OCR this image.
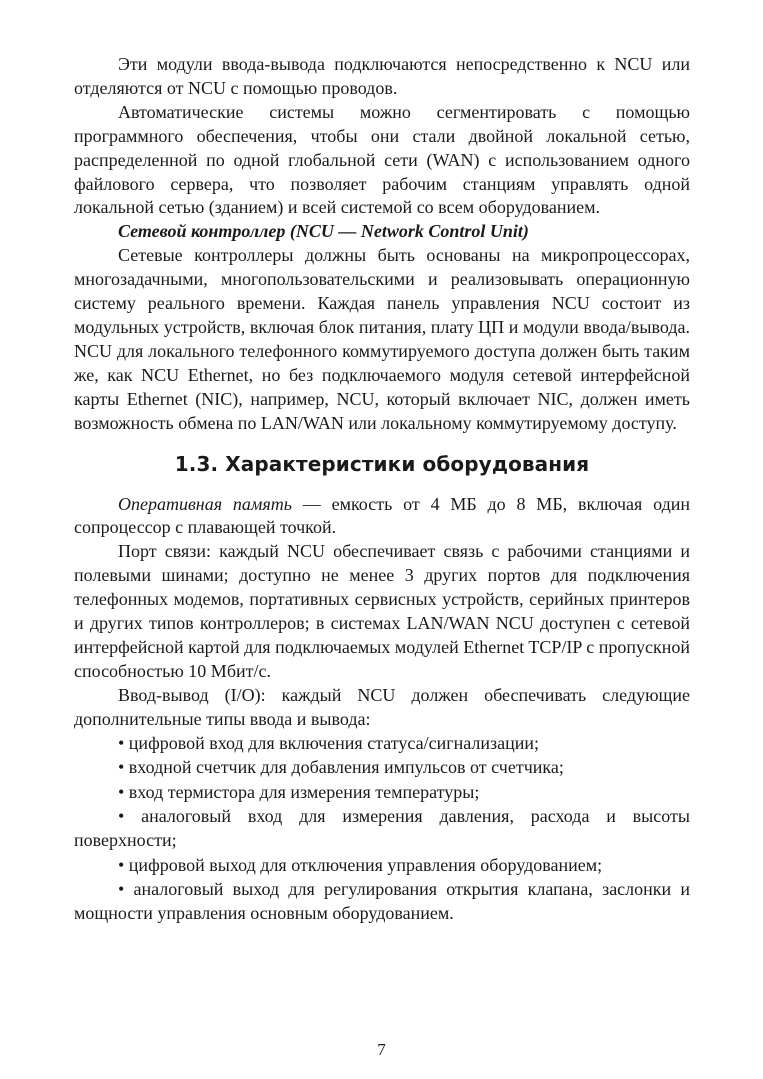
Эти модули ввода-вывода подключаются непосредственно к NCU или отделяются от NCU с помощью проводов.

Автоматические системы можно сегментировать с помощью программного обеспечения, чтобы они стали двойной локальной сетью, распределенной по одной глобальной сети (WAN) с использованием одного файлового сервера, что позволяет рабочим станциям управлять одной локальной сетью (зданием) и всей системой со всем оборудованием.

Сетевой контроллер (NCU — Network Control Unit)

Сетевые контроллеры должны быть основаны на микропроцессорах, многозадачными, многопользовательскими и реализовывать операционную систему реального времени. Каждая панель управления NCU состоит из модульных устройств, включая блок питания, плату ЦП и модули ввода/вывода. NCU для локального телефонного коммутируемого доступа должен быть таким же, как NCU Ethernet, но без подключаемого модуля сетевой интерфейсной карты Ethernet (NIC), например, NCU, который включает NIC, должен иметь возможность обмена по LAN/WAN или локальному коммутируемому доступу.

1.3. Характеристики оборудования

Оперативная память — емкость от 4 МБ до 8 МБ, включая один сопроцессор с плавающей точкой.

Порт связи: каждый NCU обеспечивает связь с рабочими станциями и полевыми шинами; доступно не менее 3 других портов для подключения телефонных модемов, портативных сервисных устройств, серийных принтеров и других типов контроллеров; в системах LAN/WAN NCU доступен с сетевой интерфейсной картой для подключаемых модулей Ethernet TCP/IP с пропускной способностью 10 Мбит/с.

Ввод-вывод (I/O): каждый NCU должен обеспечивать следующие дополнительные типы ввода и вывода:

• цифровой вход для включения статуса/сигнализации;

• входной счетчик для добавления импульсов от счетчика;

• вход термистора для измерения температуры;

• аналоговый вход для измерения давления, расхода и высоты поверхности;

• цифровой выход для отключения управления оборудованием;

• аналоговый выход для регулирования открытия клапана, заслонки и мощности управления основным оборудованием.

7
